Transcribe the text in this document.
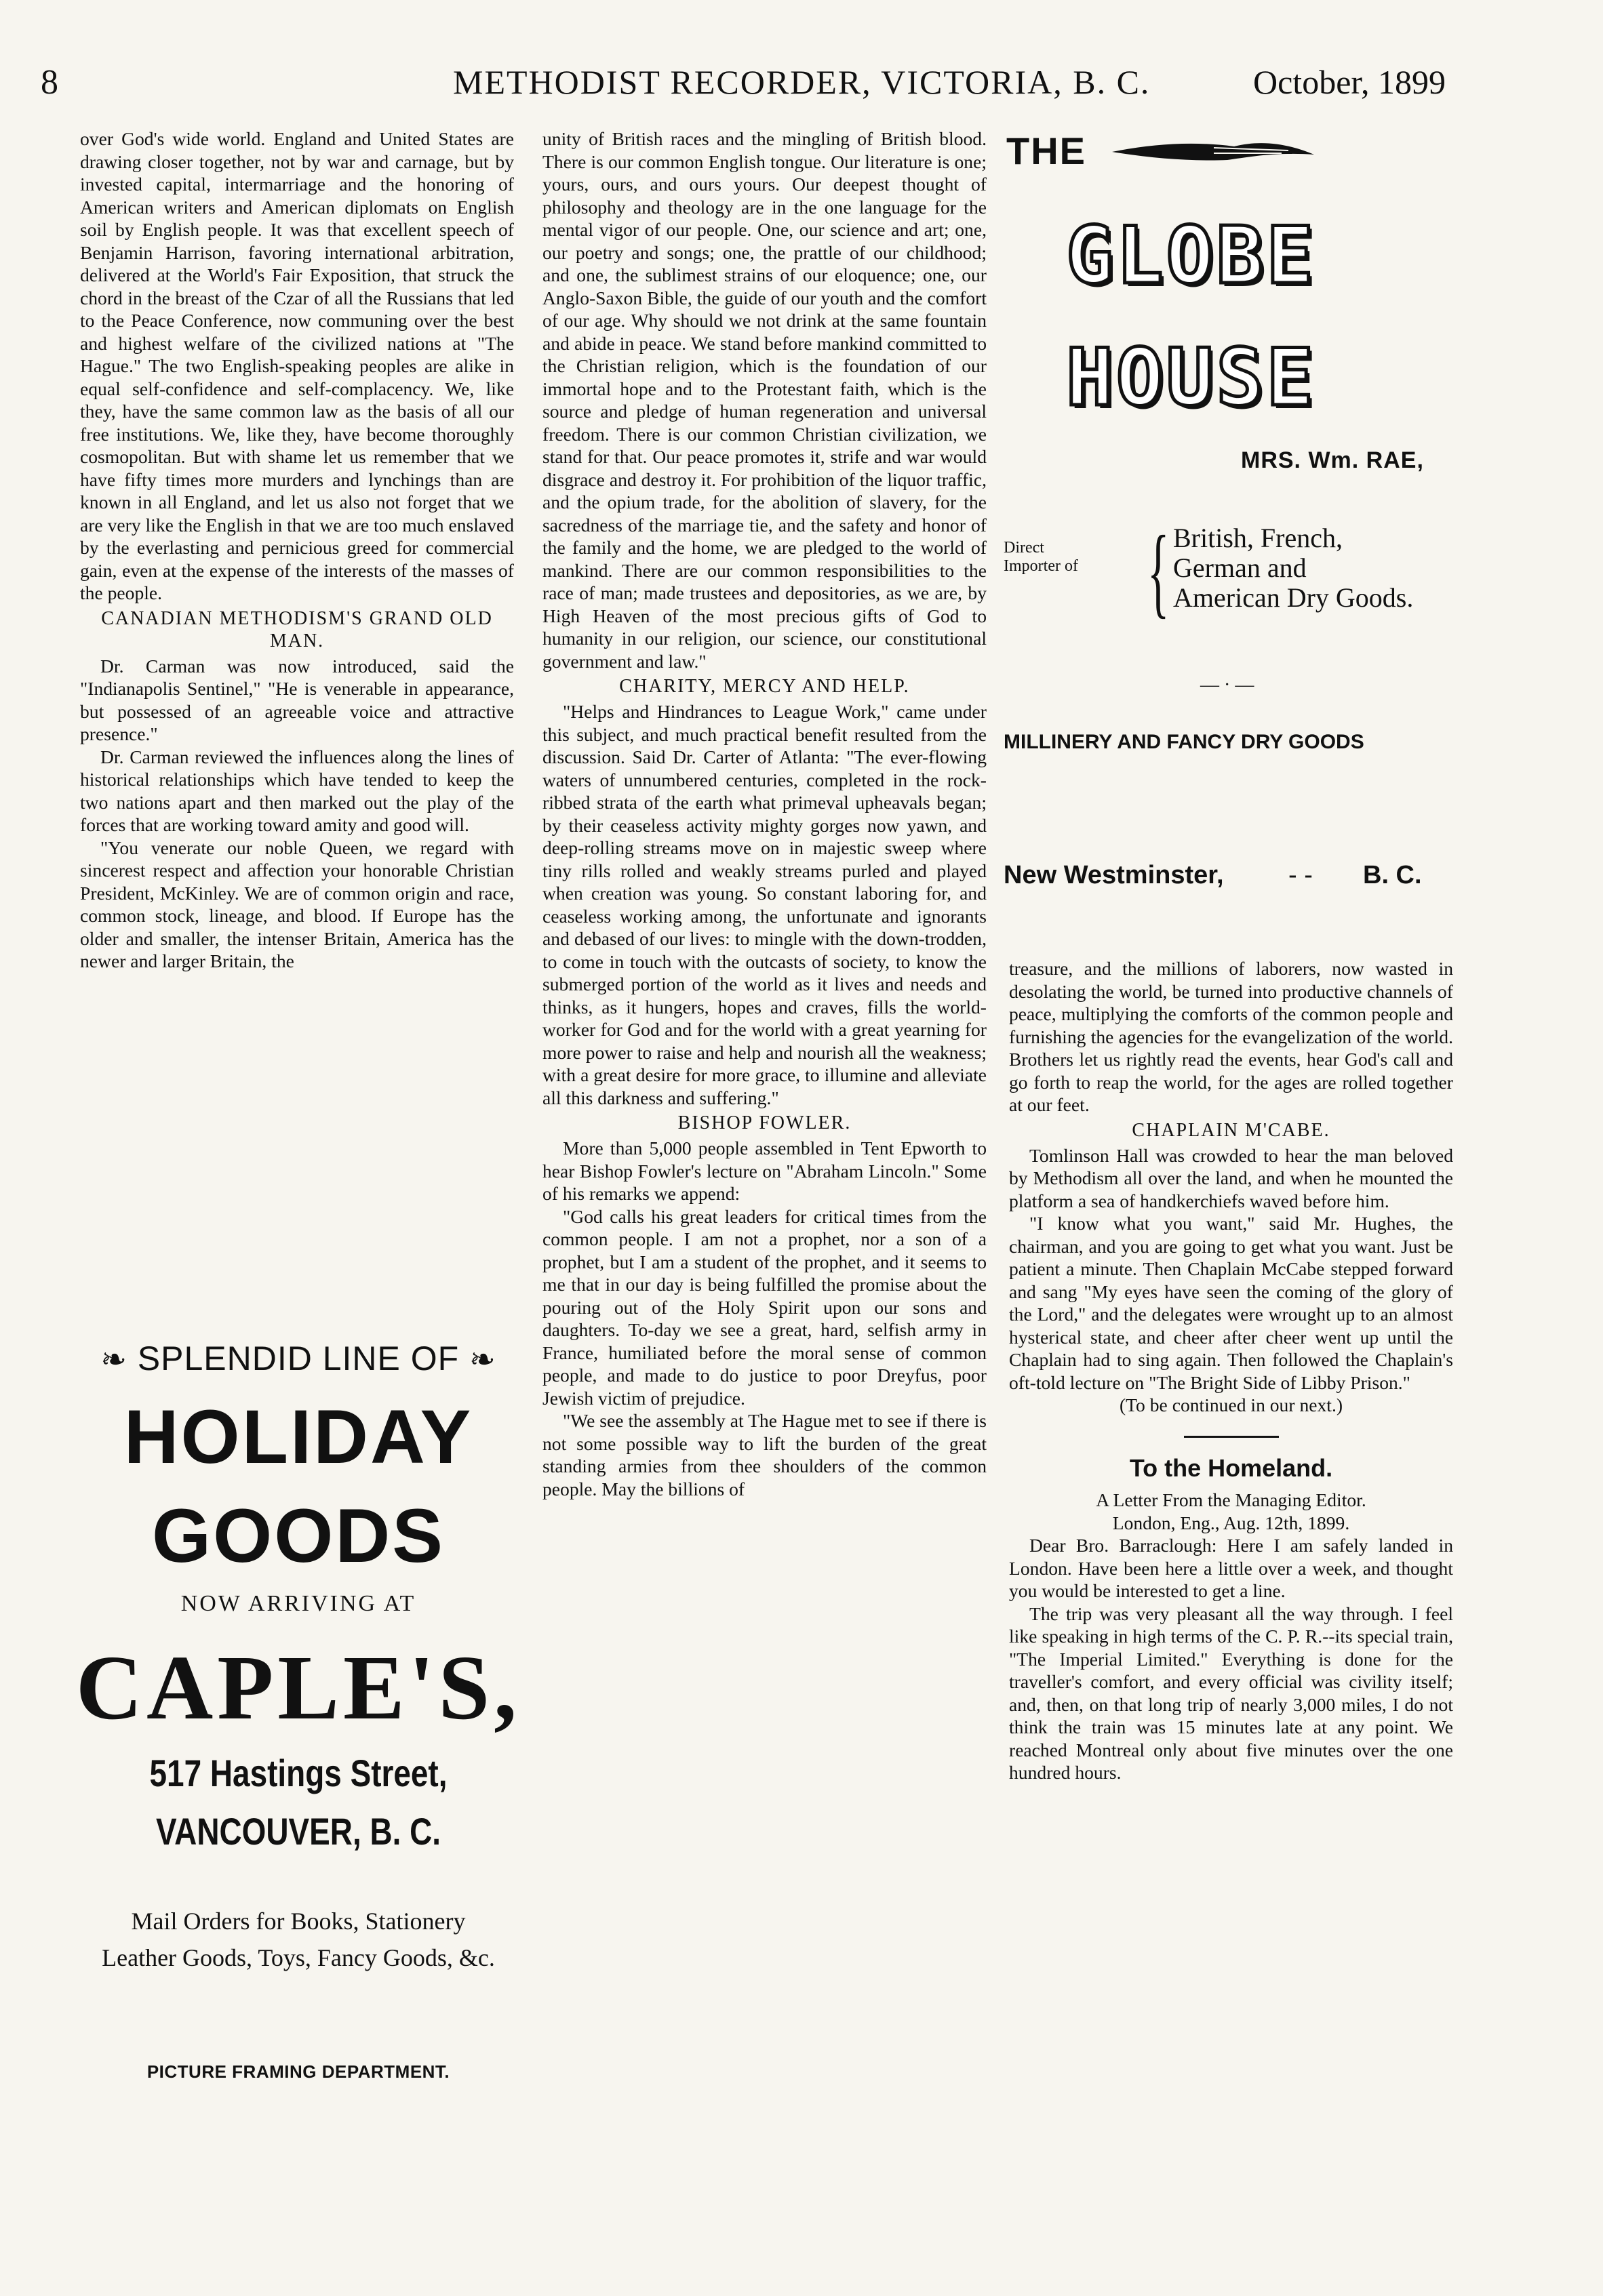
8	METHODIST RECORDER, VICTORIA, B. C.	October, 1899

over God's wide world. England and United States are drawing closer together, not by war and carnage, but by invested capital, intermarriage and the honoring of American writers and American diplomats on English soil by English people. It was that excellent speech of Benjamin Harrison, favoring international arbitration, delivered at the World's Fair Exposition, that struck the chord in the breast of the Czar of all the Russians that led to the Peace Conference, now communing over the best and highest welfare of the civilized nations at "The Hague." The two English-speaking peoples are alike in equal self-confidence and self-complacency. We, like they, have the same common law as the basis of all our free institutions. We, like they, have become thoroughly cosmopolitan. But with shame let us remember that we have fifty times more murders and lynchings than are known in all England, and let us also not forget that we are very like the English in that we are too much enslaved by the everlasting and pernicious greed for commercial gain, even at the expense of the interests of the masses of the people.

CANADIAN METHODISM'S GRAND OLD MAN.

Dr. Carman was now introduced, said the "Indianapolis Sentinel," "He is venerable in appearance, but possessed of an agreeable voice and attractive presence."

Dr. Carman reviewed the influences along the lines of historical relationships which have tended to keep the two nations apart and then marked out the play of the forces that are working toward amity and good will.

"You venerate our noble Queen, we regard with sincerest respect and affection your honorable Christian President, McKinley. We are of common origin and race, common stock, lineage, and blood. If Europe has the older and smaller, the intenser Britain, America has the newer and larger Britain, the

❧ SPLENDID LINE OF ❧
HOLIDAY
GOODS
NOW ARRIVING AT
CAPLE'S,
517 Hastings Street,
VANCOUVER, B. C.
Mail Orders for Books, Stationery
Leather Goods, Toys, Fancy Goods, &c.
PICTURE FRAMING DEPARTMENT.

unity of British races and the mingling of British blood. There is our common English tongue. Our literature is one; yours, ours, and ours yours. Our deepest thought of philosophy and theology are in the one language for the mental vigor of our people. One, our science and art; one, our poetry and songs; one, the prattle of our childhood; and one, the sublimest strains of our eloquence; one, our Anglo-Saxon Bible, the guide of our youth and the comfort of our age. Why should we not drink at the same fountain and abide in peace. We stand before mankind committed to the Christian religion, which is the foundation of our immortal hope and to the Protestant faith, which is the source and pledge of human regeneration and universal freedom. There is our common Christian civilization, we stand for that. Our peace promotes it, strife and war would disgrace and destroy it. For prohibition of the liquor traffic, and the opium trade, for the abolition of slavery, for the sacredness of the marriage tie, and the safety and honor of the family and the home, we are pledged to the world of mankind. There are our common responsibilities to the race of man; made trustees and depositories, as we are, by High Heaven of the most precious gifts of God to humanity in our religion, our science, our constitutional government and law."

CHARITY, MERCY AND HELP.

"Helps and Hindrances to League Work," came under this subject, and much practical benefit resulted from the discussion. Said Dr. Carter of Atlanta: "The ever-flowing waters of unnumbered centuries, completed in the rock-ribbed strata of the earth what primeval upheavals began; by their ceaseless activity mighty gorges now yawn, and deep-rolling streams move on in majestic sweep where tiny rills rolled and weakly streams purled and played when creation was young. So constant laboring for, and ceaseless working among, the unfortunate and ignorants and debased of our lives: to mingle with the down-trodden, to come in touch with the outcasts of society, to know the submerged portion of the world as it lives and needs and thinks, as it hungers, hopes and craves, fills the world-worker for God and for the world with a great yearning for more power to raise and help and nourish all the weakness; with a great desire for more grace, to illumine and alleviate all this darkness and suffering."

BISHOP FOWLER.

More than 5,000 people assembled in Tent Epworth to hear Bishop Fowler's lecture on "Abraham Lincoln." Some of his remarks we append:

"God calls his great leaders for critical times from the common people. I am not a prophet, nor a son of a prophet, but I am a student of the prophet, and it seems to me that in our day is being fulfilled the promise about the pouring out of the Holy Spirit upon our sons and daughters. To-day we see a great, hard, selfish army in France, humiliated before the moral sense of common people, and made to do justice to poor Dreyfus, poor Jewish victim of prejudice.

"We see the assembly at The Hague met to see if there is not some possible way to lift the burden of the great standing armies from thee shoulders of the common people. May the billions of

THE
GLOBE
HOUSE
MRS. Wm. RAE,
Direct
Importer of { British, French,
German and
American Dry Goods.
— · —
MILLINERY AND FANCY DRY GOODS
New Westminster,	- - B. C.

treasure, and the millions of laborers, now wasted in desolating the world, be turned into productive channels of peace, multiplying the comforts of the common people and furnishing the agencies for the evangelization of the world. Brothers let us rightly read the events, hear God's call and go forth to reap the world, for the ages are rolled together at our feet.

CHAPLAIN M'CABE.

Tomlinson Hall was crowded to hear the man beloved by Methodism all over the land, and when he mounted the platform a sea of handkerchiefs waved before him.

"I know what you want," said Mr. Hughes, the chairman, and you are going to get what you want. Just be patient a minute. Then Chaplain McCabe stepped forward and sang "My eyes have seen the coming of the glory of the Lord," and the delegates were wrought up to an almost hysterical state, and cheer after cheer went up until the Chaplain had to sing again. Then followed the Chaplain's oft-told lecture on "The Bright Side of Libby Prison."

(To be continued in our next.)

To the Homeland.

A Letter From the Managing Editor.

London, Eng., Aug. 12th, 1899.

Dear Bro. Barraclough: Here I am safely landed in London. Have been here a little over a week, and thought you would be interested to get a line.

The trip was very pleasant all the way through. I feel like speaking in high terms of the C. P. R.--its special train, "The Imperial Limited." Everything is done for the traveller's comfort, and every official was civility itself; and, then, on that long trip of nearly 3,000 miles, I do not think the train was 15 minutes late at any point. We reached Montreal only about five minutes over the one hundred hours.
